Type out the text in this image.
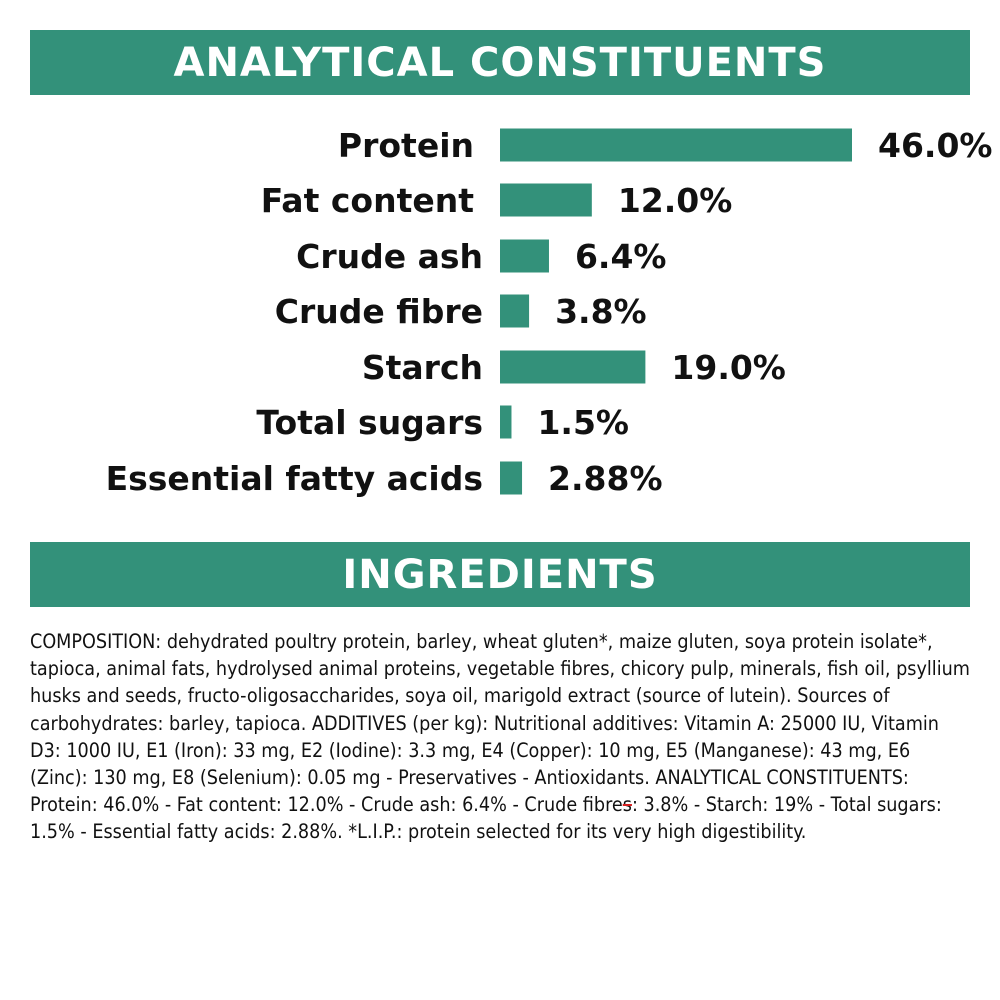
ANALYTICAL CONSTITUENTS
Protein	46.0%
Fat content	12.0%
Crude ash	6.4%
Crude fibre 3.8%
Starch	19.0%
Total sugars 1.5%
Essential fatty acids 2.88%
INGREDIENTS

COMPOSITION: dehydrated poultry protein, barley, wheat gluten*, maize gluten, soya protein isolate*, tapioca, animal fats, hydrolysed animal proteins, vegetable fibres, chicory pulp, minerals, fish oil, psyllium husks and seeds, fructo-oligosaccharides, soya oil, marigold extract (source of lutein). Sources of carbohydrates: barley, tapioca. ADDITIVES (per kg): Nutritional additives: Vitamin A: 25000 IU, Vitamin D3: 1000 IU, E1 (Iron): 33 mg, E2 (Iodine): 3.3 mg, E4 (Copper): 10 mg, E5 (Manganese): 43 mg, E6 (Zinc): 130 mg, E8 (Selenium): 0.05 mg - Preservatives - Antioxidants. ANALYTICAL CONSTITUENTS: Protein: 46.0% - Fat content: 12.0% - Crude ash: 6.4% - Crude fibres: 3.8% - Starch: 19% - Total sugars: 1.5% - Essential fatty acids: 2.88%. *L.I.P.: protein selected for its very high digestibility.
